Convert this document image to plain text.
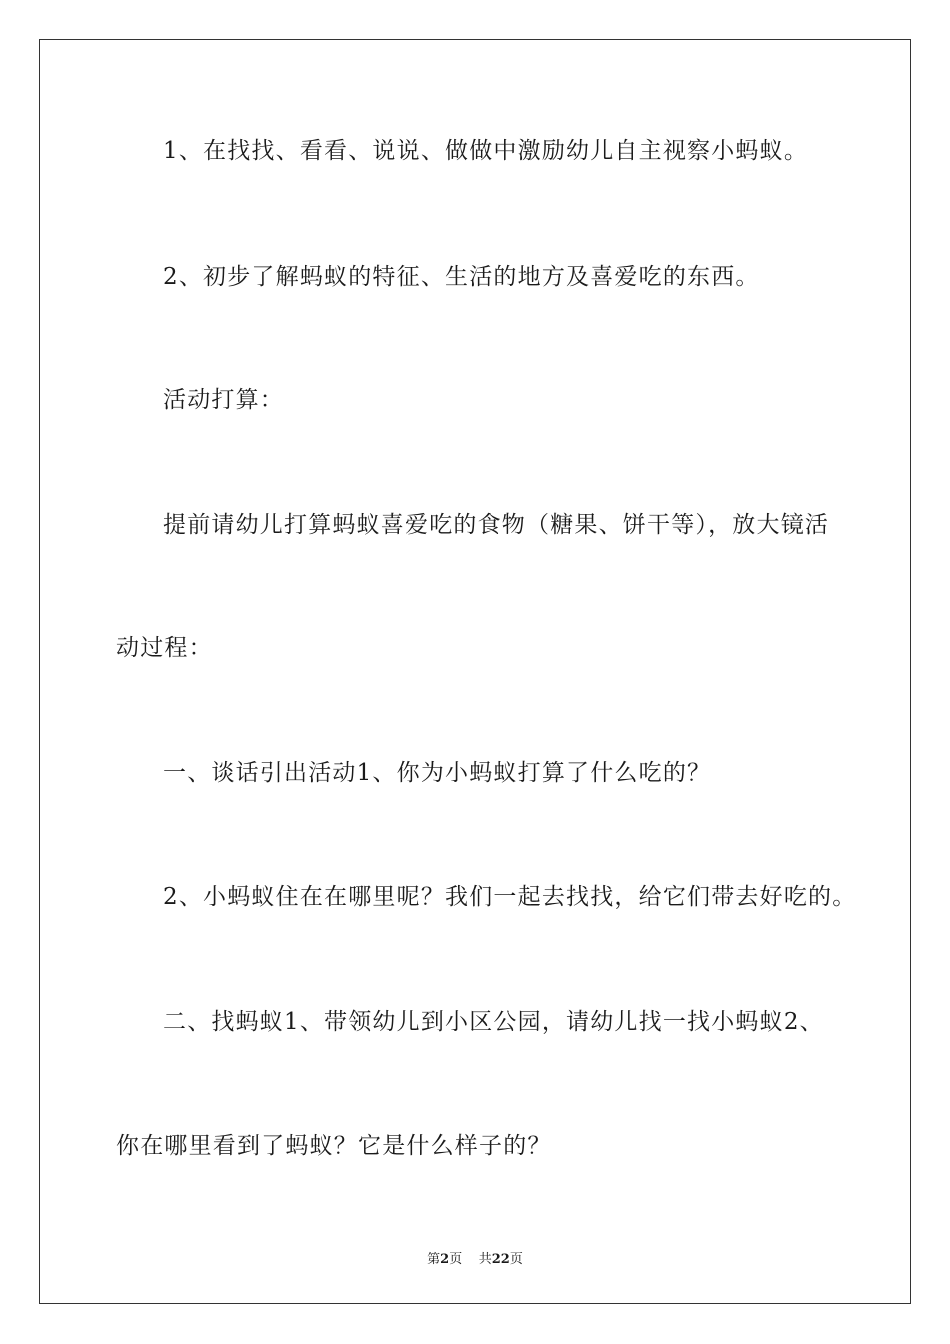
1、在找找、看看、说说、做做中激励幼儿自主视察小蚂蚁。
2、初步了解蚂蚁的特征、生活的地方及喜爱吃的东西。
活动打算：
提前请幼儿打算蚂蚁喜爱吃的食物（糖果、饼干等），放大镜活
动过程：
一、谈话引出活动1、你为小蚂蚁打算了什么吃的？
2、小蚂蚁住在在哪里呢？我们一起去找找，给它们带去好吃的。
二、找蚂蚁1、带领幼儿到小区公园，请幼儿找一找小蚂蚁2、
你在哪里看到了蚂蚁？它是什么样子的？
第2页 共22页
